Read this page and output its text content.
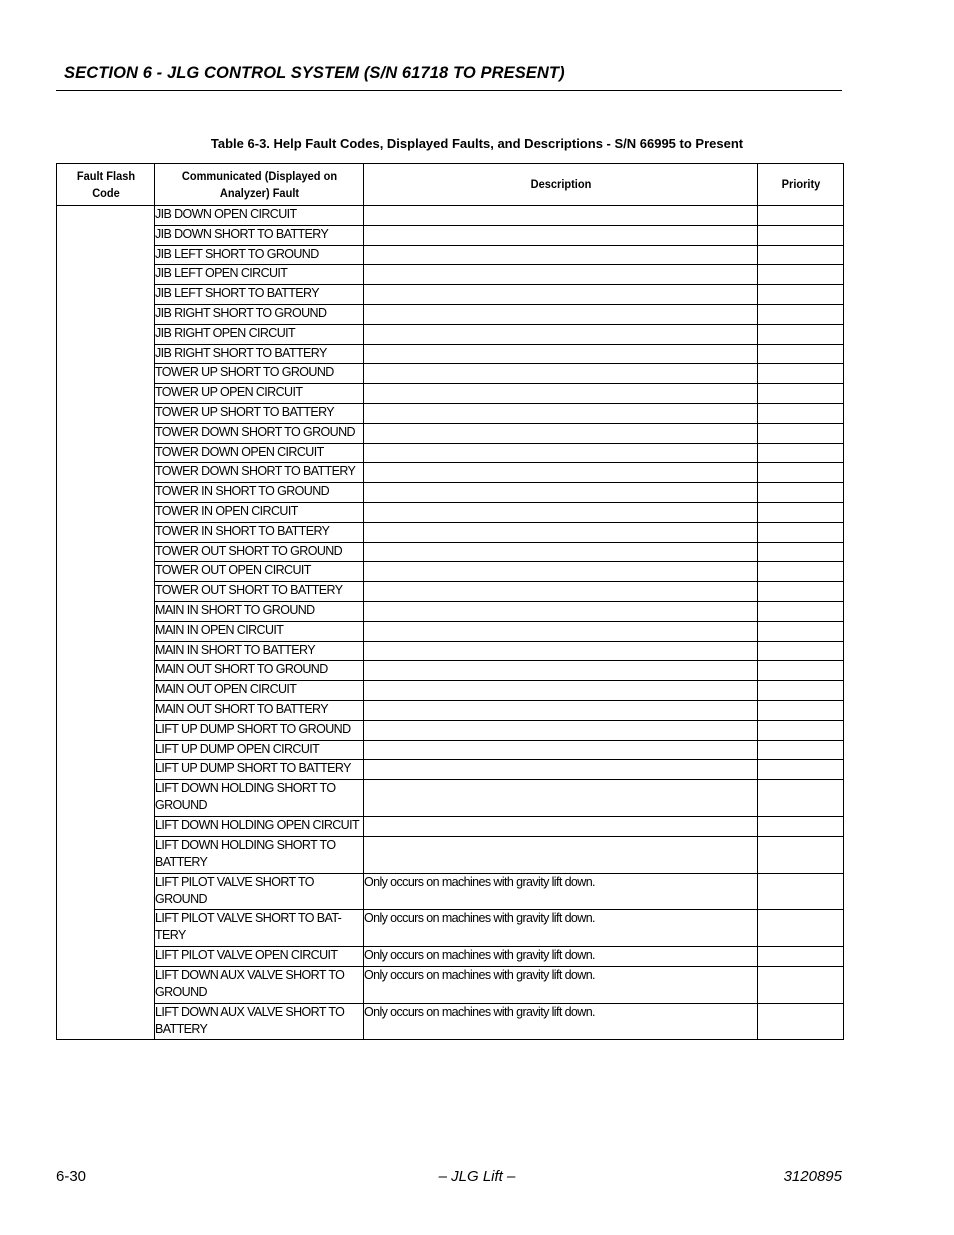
SECTION 6 - JLG CONTROL SYSTEM (S/N 61718 TO PRESENT)
Table 6-3. Help Fault Codes, Displayed Faults, and Descriptions - S/N 66995 to Present
Fault Flash Code	Communicated (Displayed on Analyzer) Fault	Description	Priority
	JIB DOWN OPEN CIRCUIT		
	JIB DOWN SHORT TO BATTERY		
	JIB LEFT SHORT TO GROUND		
	JIB LEFT OPEN CIRCUIT		
	JIB LEFT SHORT TO BATTERY		
	JIB RIGHT SHORT TO GROUND		
	JIB RIGHT OPEN CIRCUIT		
	JIB RIGHT SHORT TO BATTERY		
	TOWER UP SHORT TO GROUND		
	TOWER UP OPEN CIRCUIT		
	TOWER UP SHORT TO BATTERY		
	TOWER DOWN SHORT TO GROUND		
	TOWER DOWN OPEN CIRCUIT		
	TOWER DOWN SHORT TO BATTERY		
	TOWER IN SHORT TO GROUND		
	TOWER IN OPEN CIRCUIT		
	TOWER IN SHORT TO BATTERY		
	TOWER OUT SHORT TO GROUND		
	TOWER OUT OPEN CIRCUIT		
	TOWER OUT SHORT TO BATTERY		
	MAIN IN SHORT TO GROUND		
	MAIN IN OPEN CIRCUIT		
	MAIN IN SHORT TO BATTERY		
	MAIN OUT SHORT TO GROUND		
	MAIN OUT OPEN CIRCUIT		
	MAIN OUT SHORT TO BATTERY		
	LIFT UP DUMP SHORT TO GROUND		
	LIFT UP DUMP OPEN CIRCUIT		
	LIFT UP DUMP SHORT TO BATTERY		
	LIFT DOWN HOLDING SHORT TO GROUND		
	LIFT DOWN HOLDING OPEN CIRCUIT		
	LIFT DOWN HOLDING SHORT TO BATTERY		
	LIFT PILOT VALVE SHORT TO GROUND	Only occurs on machines with gravity lift down.	
	LIFT PILOT VALVE SHORT TO BAT-TERY	Only occurs on machines with gravity lift down.	
	LIFT PILOT VALVE OPEN CIRCUIT	Only occurs on machines with gravity lift down.	
	LIFT DOWN AUX VALVE SHORT TO GROUND	Only occurs on machines with gravity lift down.	
	LIFT DOWN AUX VALVE SHORT TO BATTERY	Only occurs on machines with gravity lift down.	
6-30	– JLG Lift –	3120895
